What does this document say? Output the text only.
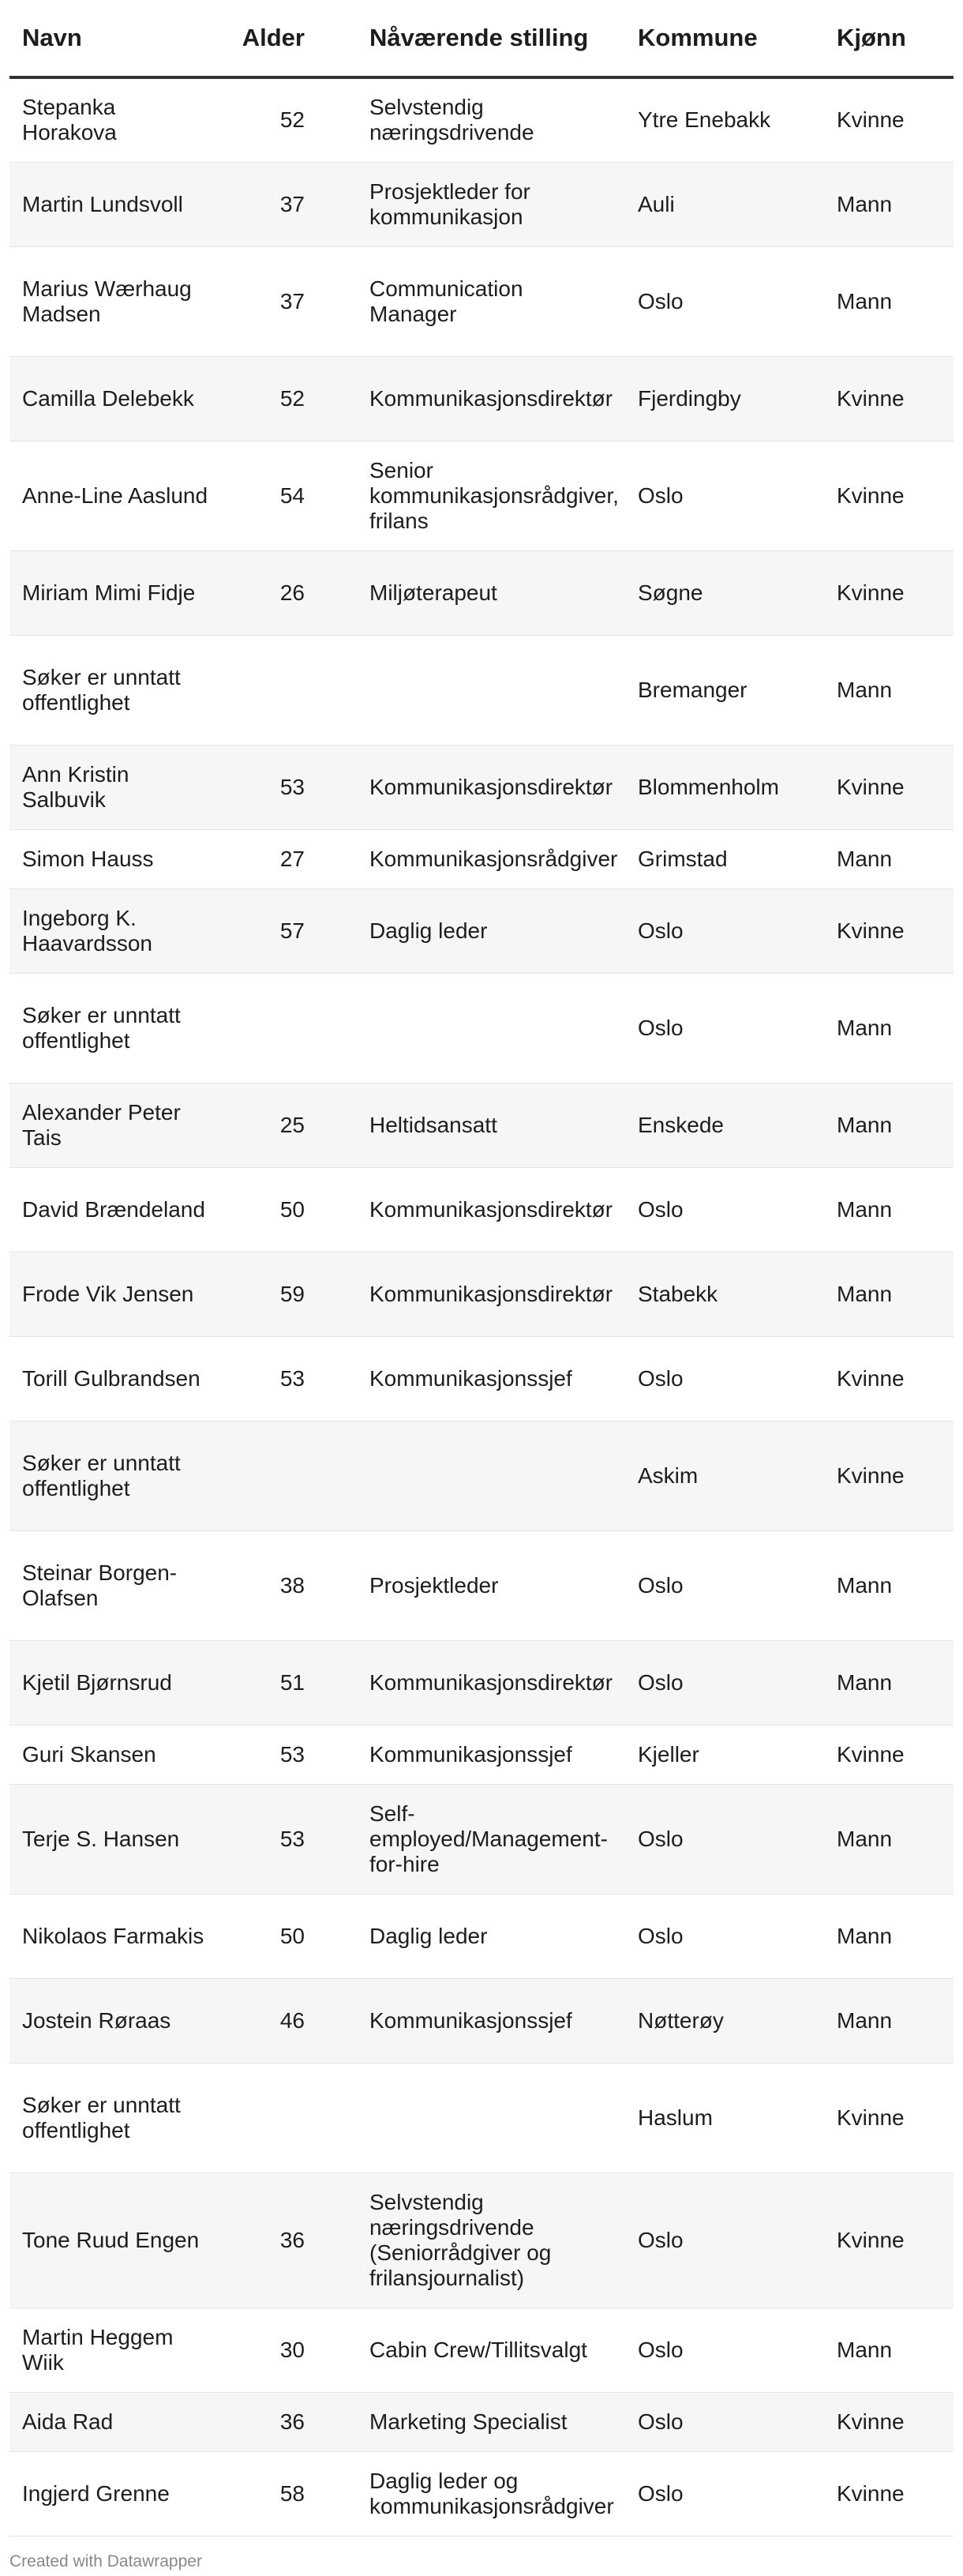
Navn	Alder	Nåværende stilling	Kommune	Kjønn
Stepanka Horakova	52	Selvstendig næringsdrivende	Ytre Enebakk	Kvinne
Martin Lundsvoll	37	Prosjektleder for kommunikasjon	Auli	Mann
Marius Wærhaug Madsen	37	Communication Manager	Oslo	Mann
Camilla Delebekk	52	Kommunikasjonsdirektør	Fjerdingby	Kvinne
Anne-Line Aaslund	54	Senior kommunikasjonsrådgiver, frilans	Oslo	Kvinne
Miriam Mimi Fidje	26	Miljøterapeut	Søgne	Kvinne
Søker er unntatt offentlighet			Bremanger	Mann
Ann Kristin Salbuvik	53	Kommunikasjonsdirektør	Blommenholm	Kvinne
Simon Hauss	27	Kommunikasjonsrådgiver	Grimstad	Mann
Ingeborg K. Haavardsson	57	Daglig leder	Oslo	Kvinne
Søker er unntatt offentlighet			Oslo	Mann
Alexander Peter Tais	25	Heltidsansatt	Enskede	Mann
David Brændeland	50	Kommunikasjonsdirektør	Oslo	Mann
Frode Vik Jensen	59	Kommunikasjonsdirektør	Stabekk	Mann
Torill Gulbrandsen	53	Kommunikasjonssjef	Oslo	Kvinne
Søker er unntatt offentlighet			Askim	Kvinne
Steinar Borgen-Olafsen	38	Prosjektleder	Oslo	Mann
Kjetil Bjørnsrud	51	Kommunikasjonsdirektør	Oslo	Mann
Guri Skansen	53	Kommunikasjonssjef	Kjeller	Kvinne
Terje S. Hansen	53	Self-employed/Management-for-hire	Oslo	Mann
Nikolaos Farmakis	50	Daglig leder	Oslo	Mann
Jostein Røraas	46	Kommunikasjonssjef	Nøtterøy	Mann
Søker er unntatt offentlighet			Haslum	Kvinne
Tone Ruud Engen	36	Selvstendig næringsdrivende (Seniorrådgiver og frilansjournalist)	Oslo	Kvinne
Martin Heggem Wiik	30	Cabin Crew/Tillitsvalgt	Oslo	Mann
Aida Rad	36	Marketing Specialist	Oslo	Kvinne
Ingjerd Grenne	58	Daglig leder og kommunikasjonsrådgiver	Oslo	Kvinne
Created with Datawrapper
